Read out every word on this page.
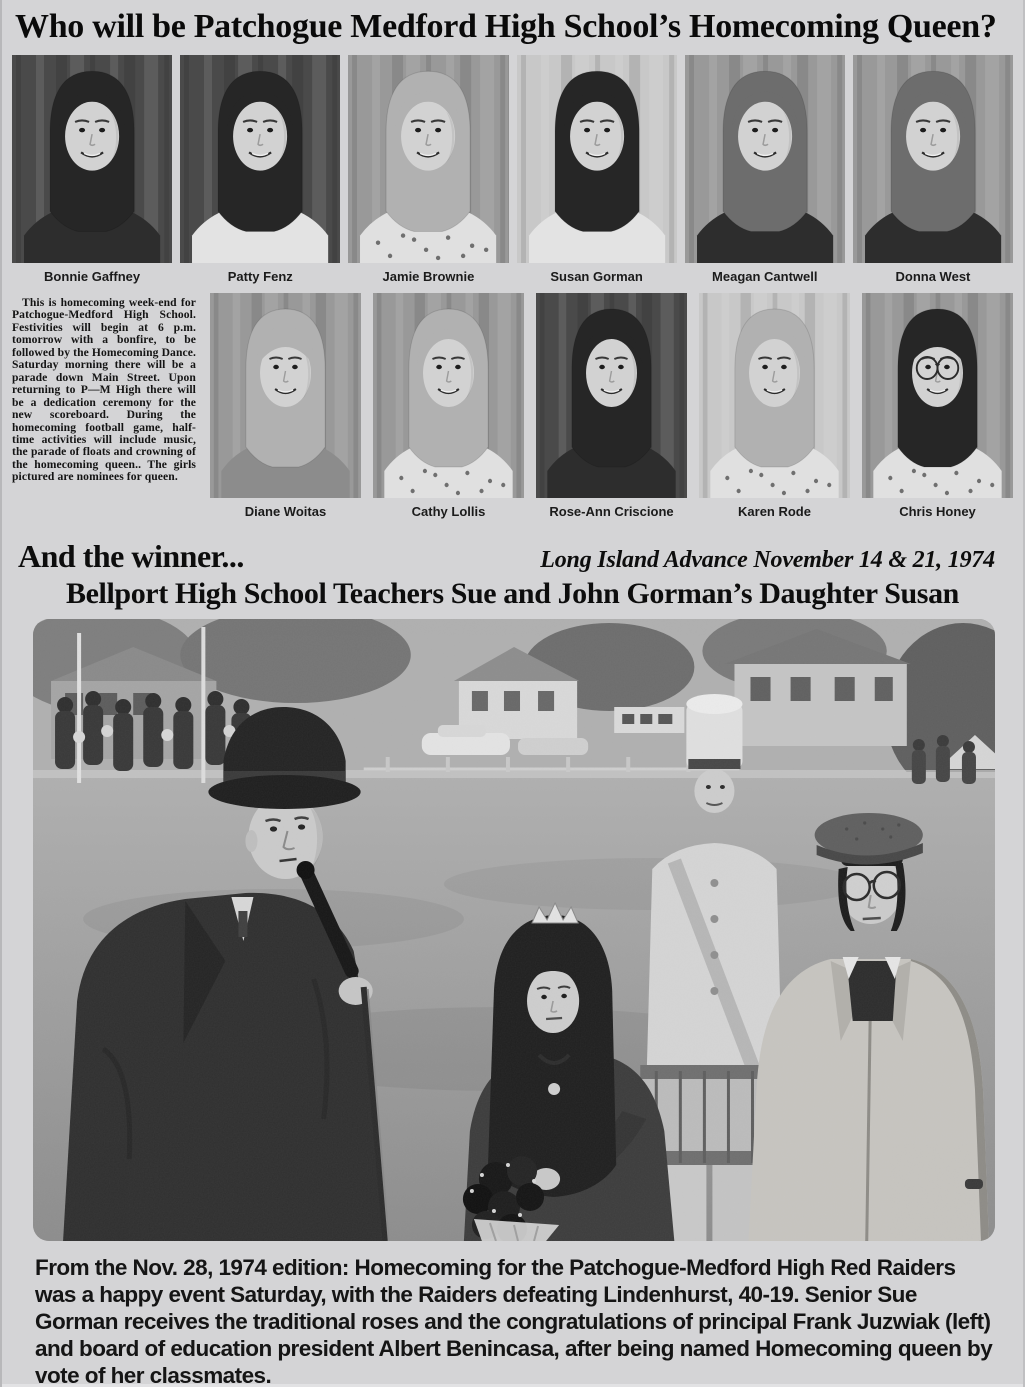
Who will be Patchogue Medford High School’s Homecoming Queen?
Bonnie Gaffney	Patty Fenz	Jamie Brownie	Susan Gorman	Meagan Cantwell	Donna West
This is homecoming week-end for Patchogue-Medford High School. Festivities will begin at 6 p.m. tomorrow with a bonfire, to be followed by the Homecoming Dance. Saturday morning there will be a parade down Main Street. Upon returning to P—M High there will be a dedication ceremony for the new scoreboard. During the homecoming football game, half-time activities will include music, the parade of floats and crowning of the homecoming queen.. The girls pictured are nominees for queen.
Diane Woitas	Cathy Lollis	Rose-Ann Criscione	Karen Rode	Chris Honey
And the winner...	Long Island Advance November 14 & 21, 1974
Bellport High School Teachers Sue and John Gorman’s Daughter Susan

From the Nov. 28, 1974 edition: Homecoming for the Patchogue-Medford High Red Raiders was a happy event Saturday, with the Raiders defeating Lindenhurst, 40-19. Senior Sue Gorman receives the traditional roses and the congratulations of principal Frank Juzwiak (left) and board of education president Albert Benincasa, after being named Homecoming queen by vote of her classmates.
